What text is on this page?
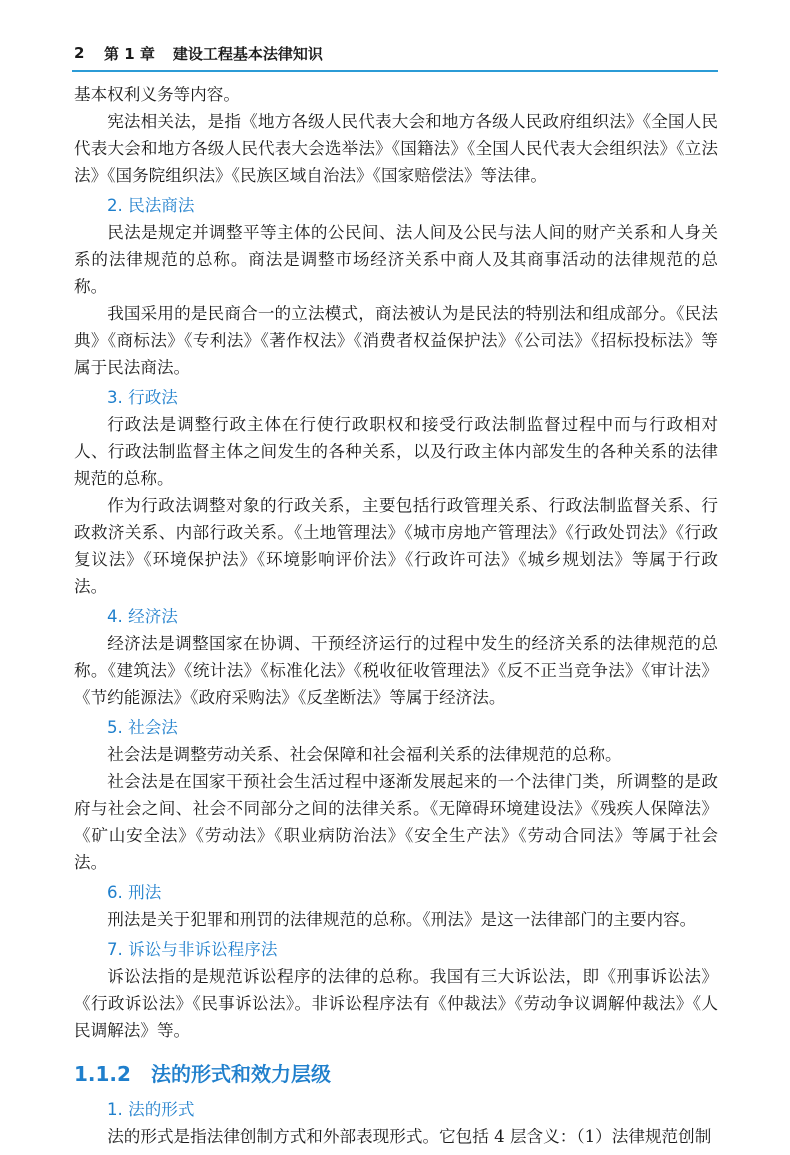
2	第 1 章 建设工程基本法律知识

基本权利义务等内容。

宪法相关法，是指《地方各级人民代表大会和地方各级人民政府组织法》《全国人民代表大会和地方各级人民代表大会选举法》《国籍法》《全国人民代表大会组织法》《立法法》《国务院组织法》《民族区域自治法》《国家赔偿法》等法律。

2. 民法商法

民法是规定并调整平等主体的公民间、法人间及公民与法人间的财产关系和人身关系的法律规范的总称。商法是调整市场经济关系中商人及其商事活动的法律规范的总称。

我国采用的是民商合一的立法模式，商法被认为是民法的特别法和组成部分。《民法典》《商标法》《专利法》《著作权法》《消费者权益保护法》《公司法》《招标投标法》等属于民法商法。

3. 行政法

行政法是调整行政主体在行使行政职权和接受行政法制监督过程中而与行政相对人、行政法制监督主体之间发生的各种关系，以及行政主体内部发生的各种关系的法律规范的总称。

作为行政法调整对象的行政关系，主要包括行政管理关系、行政法制监督关系、行政救济关系、内部行政关系。《土地管理法》《城市房地产管理法》《行政处罚法》《行政复议法》《环境保护法》《环境影响评价法》《行政许可法》《城乡规划法》等属于行政法。

4. 经济法

经济法是调整国家在协调、干预经济运行的过程中发生的经济关系的法律规范的总称。《建筑法》《统计法》《标准化法》《税收征收管理法》《反不正当竞争法》《审计法》《节约能源法》《政府采购法》《反垄断法》等属于经济法。

5. 社会法

社会法是调整劳动关系、社会保障和社会福利关系的法律规范的总称。

社会法是在国家干预社会生活过程中逐渐发展起来的一个法律门类，所调整的是政府与社会之间、社会不同部分之间的法律关系。《无障碍环境建设法》《残疾人保障法》《矿山安全法》《劳动法》《职业病防治法》《安全生产法》《劳动合同法》等属于社会法。

6. 刑法

刑法是关于犯罪和刑罚的法律规范的总称。《刑法》是这一法律部门的主要内容。

7. 诉讼与非诉讼程序法

诉讼法指的是规范诉讼程序的法律的总称。我国有三大诉讼法，即《刑事诉讼法》《行政诉讼法》《民事诉讼法》。非诉讼程序法有《仲裁法》《劳动争议调解仲裁法》《人民调解法》等。

1.1.2 法的形式和效力层级
1. 法的形式

法的形式是指法律创制方式和外部表现形式。它包括 4 层含义：（1）法律规范创制
